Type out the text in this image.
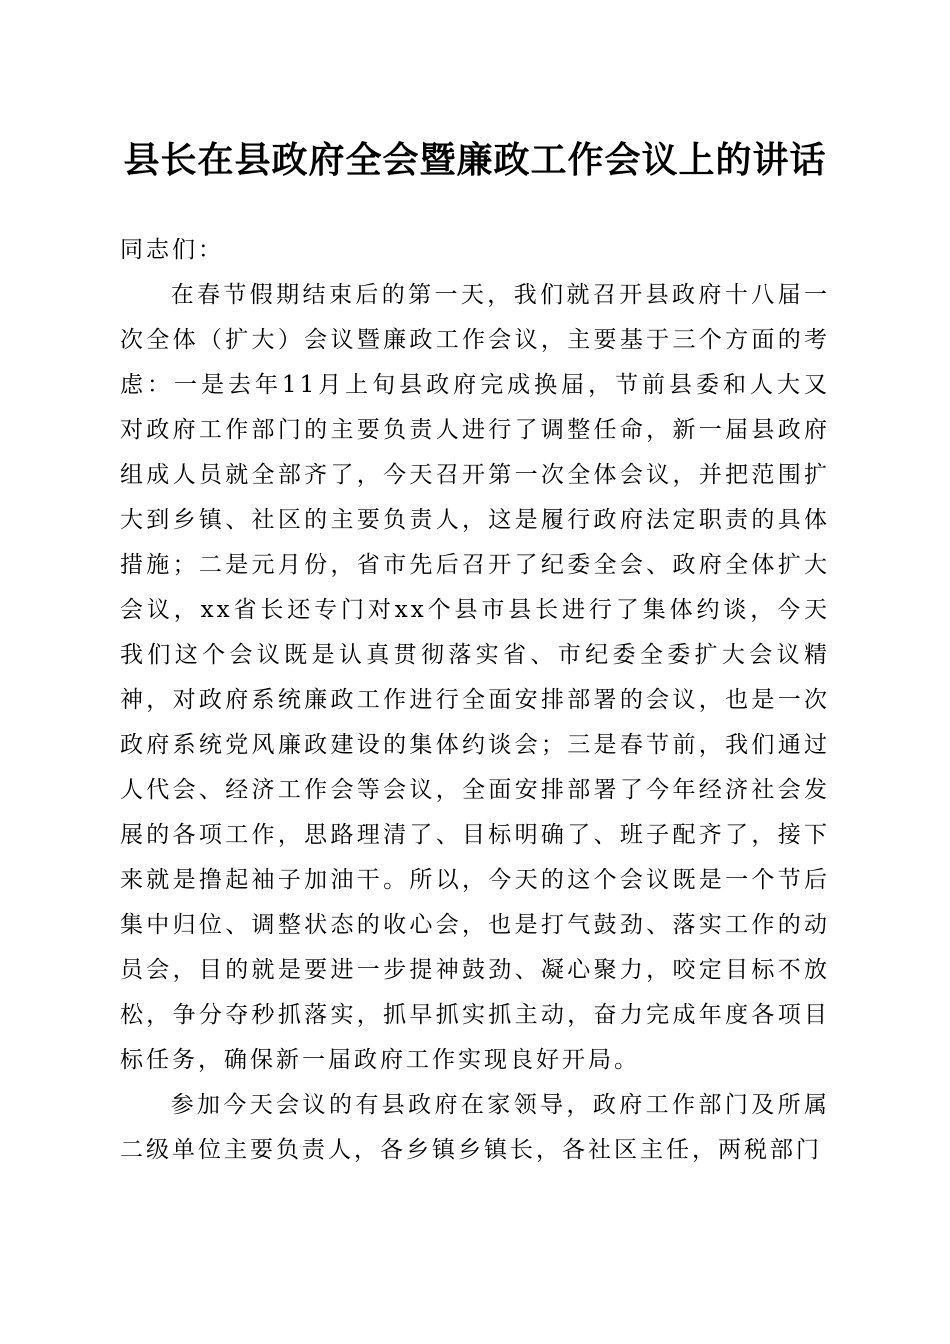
县长在县政府全会暨廉政工作会议上的讲话

同志们：

在春节假期结束后的第一天，我们就召开县政府十八届一次全体（扩大）会议暨廉政工作会议，主要基于三个方面的考虑：一是去年11月上旬县政府完成换届，节前县委和人大又对政府工作部门的主要负责人进行了调整任命，新一届县政府组成人员就全部齐了，今天召开第一次全体会议，并把范围扩大到乡镇、社区的主要负责人，这是履行政府法定职责的具体措施；二是元月份，省市先后召开了纪委全会、政府全体扩大会议，xx省长还专门对xx个县市县长进行了集体约谈，今天我们这个会议既是认真贯彻落实省、市纪委全委扩大会议精神，对政府系统廉政工作进行全面安排部署的会议，也是一次政府系统党风廉政建设的集体约谈会；三是春节前，我们通过人代会、经济工作会等会议，全面安排部署了今年经济社会发展的各项工作，思路理清了、目标明确了、班子配齐了，接下来就是撸起袖子加油干。所以，今天的这个会议既是一个节后集中归位、调整状态的收心会，也是打气鼓劲、落实工作的动员会，目的就是要进一步提神鼓劲、凝心聚力，咬定目标不放松，争分夺秒抓落实，抓早抓实抓主动，奋力完成年度各项目标任务，确保新一届政府工作实现良好开局。

参加今天会议的有县政府在家领导，政府工作部门及所属二级单位主要负责人，各乡镇乡镇长，各社区主任，两税部门
